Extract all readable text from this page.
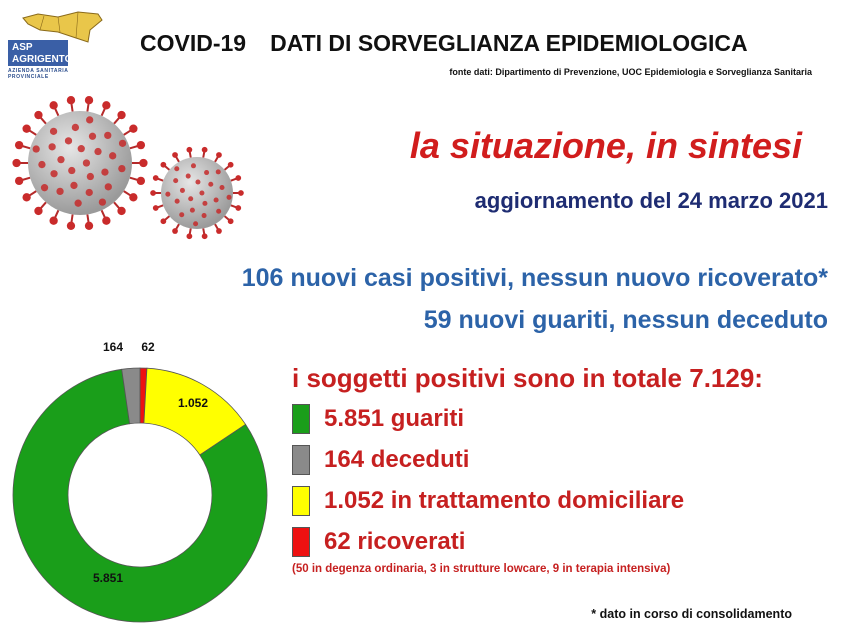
ASP
AGRIGENTO
AZIENDA SANITARIA PROVINCIALE
COVID-19 DATI DI SORVEGLIANZA EPIDEMIOLOGICA
fonte dati: Dipartimento di Prevenzione, UOC Epidemiologia e Sorveglianza Sanitaria
la situazione, in sintesi
aggiornamento del 24 marzo 2021
106 nuovi casi positivi, nessun nuovo ricoverato*
59 nuovi guariti, nessun deceduto
i soggetti positivi sono in totale 7.129:
5.851 guariti
164 deceduti
1.052 in trattamento domiciliare
62 ricoverati
(50 in degenza ordinaria, 3 in strutture lowcare, 9 in terapia intensiva)
* dato in corso di consolidamento
5.851
1.052
164 62
